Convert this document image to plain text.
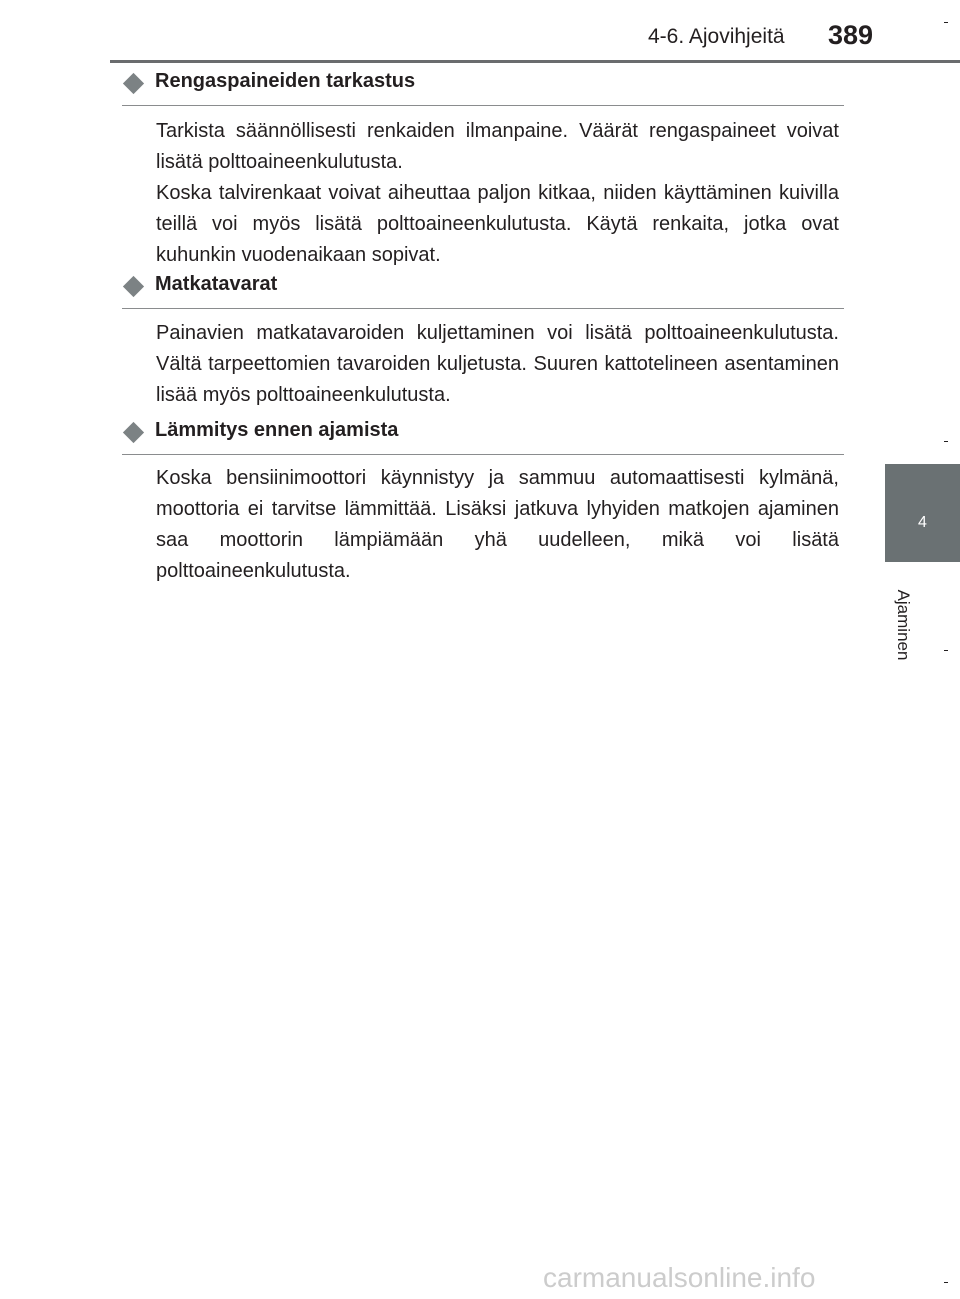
4-6. Ajovihjeitä 389
4
Ajaminen
Rengaspaineiden tarkastus

Tarkista säännöllisesti renkaiden ilmanpaine. Väärät rengaspaineet voivat lisätä polttoaineenkulutusta.

Koska talvirenkaat voivat aiheuttaa paljon kitkaa, niiden käyttäminen kuivilla teillä voi myös lisätä polttoaineenkulutusta. Käytä renkaita, jotka ovat kuhunkin vuodenaikaan sopivat.

Matkatavarat

Painavien matkatavaroiden kuljettaminen voi lisätä polttoaineenkulutusta. Vältä tarpeettomien tavaroiden kuljetusta. Suuren kattotelineen asentaminen lisää myös polttoaineenkulutusta.

Lämmitys ennen ajamista

Koska bensiinimoottori käynnistyy ja sammuu automaattisesti kylmänä, moottoria ei tarvitse lämmittää. Lisäksi jatkuva lyhyiden matkojen ajaminen saa moottorin lämpiämään yhä uudelleen, mikä voi lisätä polttoaineenkulutusta.

carmanualsonline.info
